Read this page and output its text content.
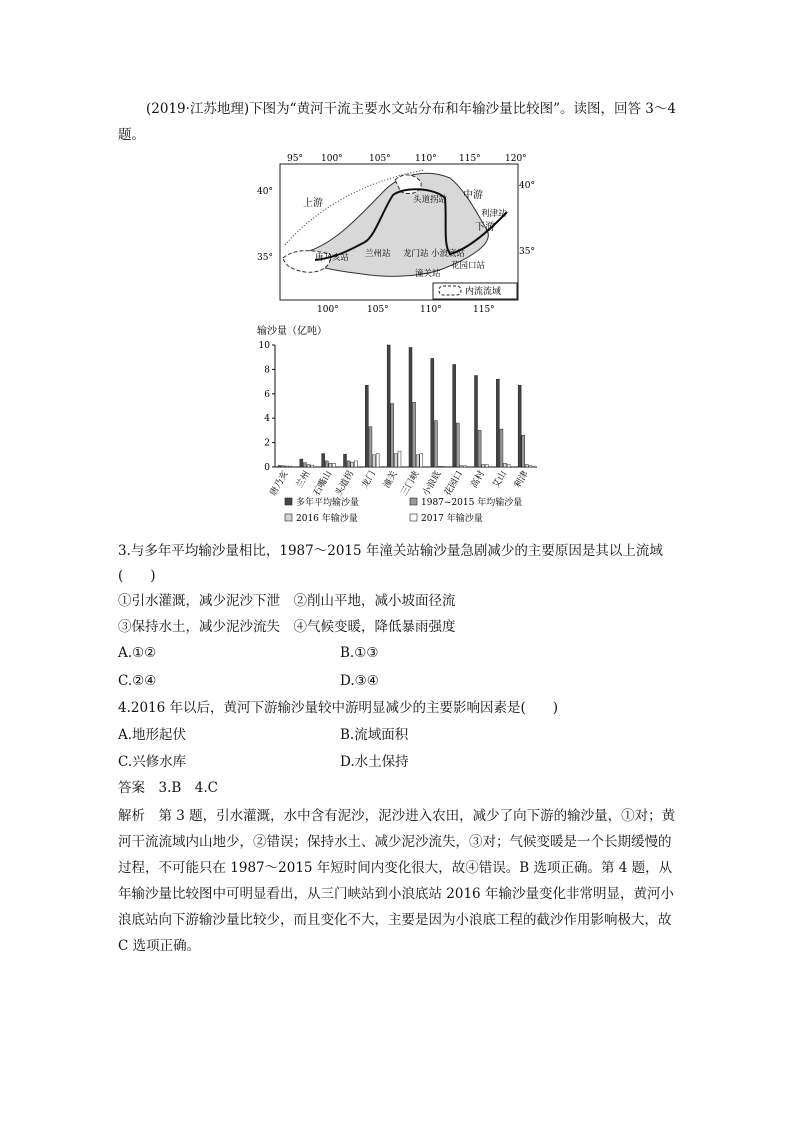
(2019·江苏地理)下图为“黄河干流主要水文站分布和年输沙量比较图”。读图，回答 3～4 题。
95° 100°	105°	110° 115°	120°
40°
35°
40°
35°
上游
中游
下游
头道拐站
利津站
兰州站
唐乃亥站	龙门站 小浪底站
潼关站
花园口站
内流流域
100°	105°	110°	115°
输沙量（亿吨）
10
8
6
4
2
0
唐乃亥 兰州 石嘴山 头道拐 龙门 潼关 三门峡 小浪底 花园口 高村 艾山 利津
多年平均输沙量	1987~2015 年均输沙量
2016 年输沙量	2017 年输沙量
3.与多年平均输沙量相比，1987～2015 年潼关站输沙量急剧减少的主要原因是其以上流域
(　　)
①引水灌溉，减少泥沙下泄　②削山平地，减小坡面径流
③保持水土，减少泥沙流失　④气候变暖，降低暴雨强度
A.①②	B.①③
C.②④	D.③④
4.2016 年以后，黄河下游输沙量较中游明显减少的主要影响因素是(　　)
A.地形起伏	B.流域面积
C.兴修水库	D.水土保持
答案　3.B　4.C
解析　第 3 题，引水灌溉，水中含有泥沙，泥沙进入农田，减少了向下游的输沙量，①对；黄河干流流域内山地少，②错误；保持水土、减少泥沙流失，③对；气候变暖是一个长期缓慢的过程，不可能只在 1987～2015 年短时间内变化很大，故④错误。B 选项正确。第 4 题，从年输沙量比较图中可明显看出，从三门峡站到小浪底站 2016 年输沙量变化非常明显，黄河小浪底站向下游输沙量比较少，而且变化不大，主要是因为小浪底工程的截沙作用影响极大，故 C 选项正确。
